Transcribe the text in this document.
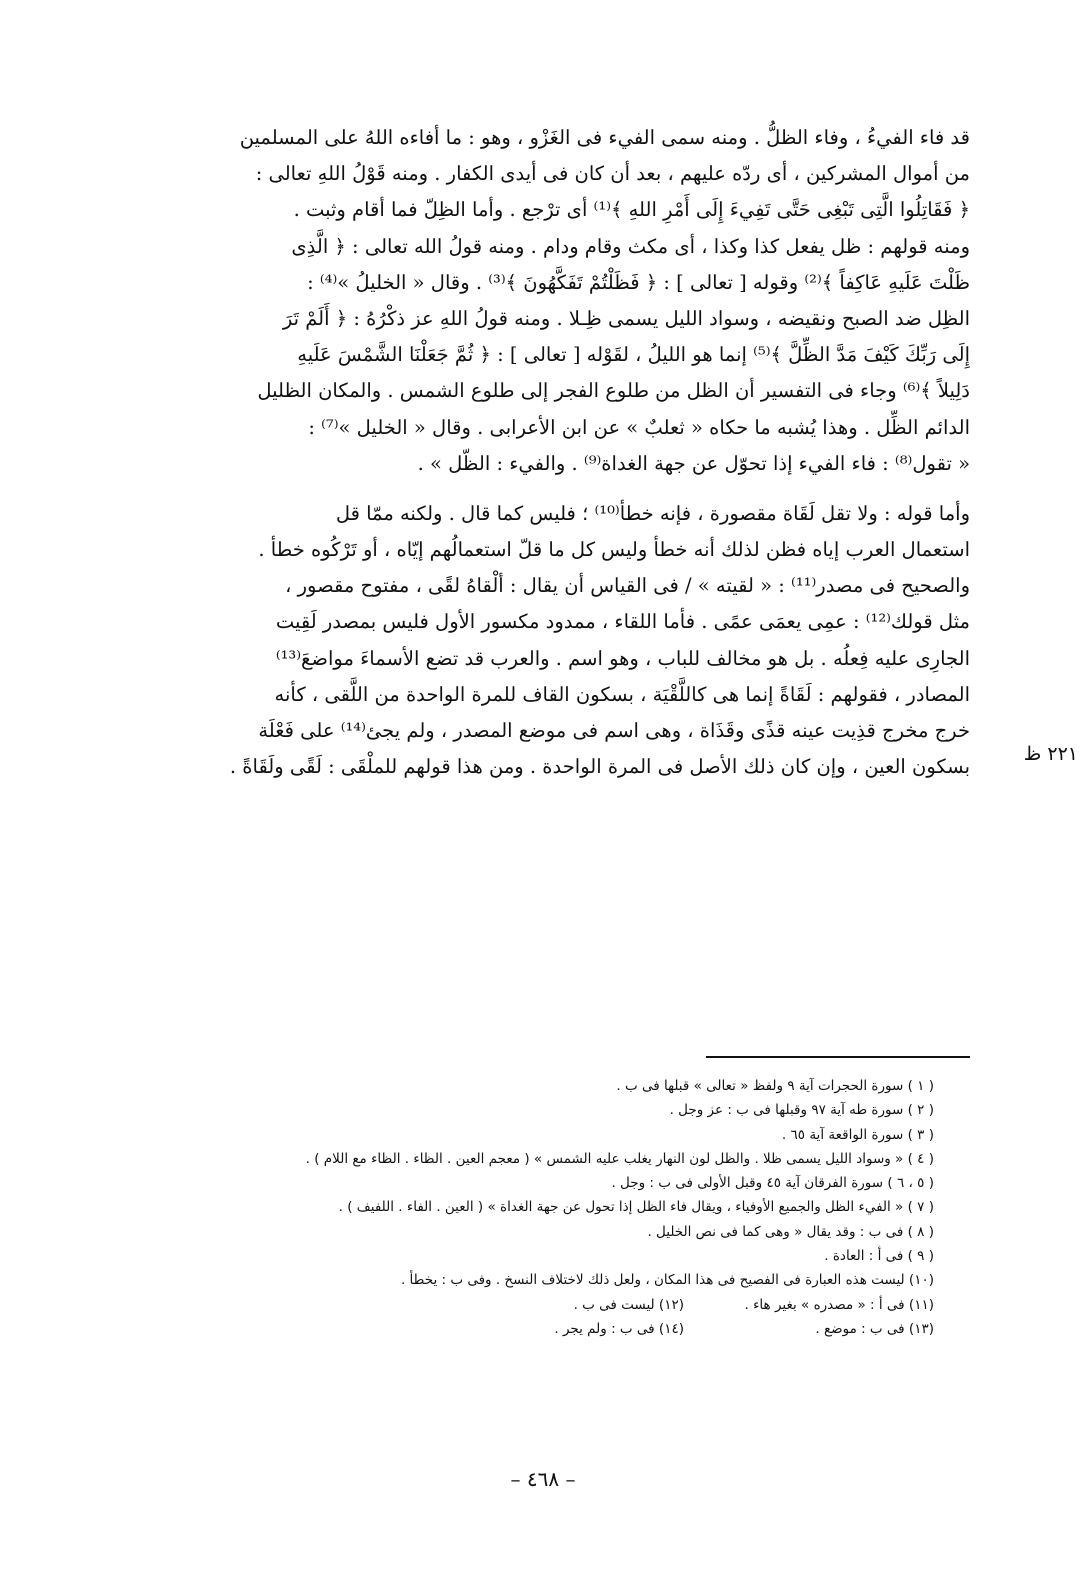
قد فاء الفيءُ ، وفاء الظلُّ . ومنه سمى الفيء فى الغَزْو ، وهو : ما أفاءه اللهُ على المسلمين
من أموال المشركين ، أى ردّه عليهم ، بعد أن كان فى أيدى الكفار . ومنه قَوْلُ اللهِ تعالى :
﴿ فَقَاتِلُوا الَّتِى تَبْغِى حَتَّى تَفِيءَ إِلَى أَمْرِ اللهِ ﴾⁽¹⁾ أى ترْجع . وأما الظِلّ فما أقام وثبت .
ومنه قولهم : ظل يفعل كذا وكذا ، أى مكث وقام ودام . ومنه قولُ الله تعالى : ﴿ الَّذِى
ظَلْتَ عَلَيهِ عَاكِفاً ﴾⁽²⁾ وقوله [ تعالى ] : ﴿ فَظَلْتُمْ تَفَكَّهُونَ ﴾⁽³⁾ . وقال « الخليلُ »⁽⁴⁾ :
الظِل ضد الصبح ونقيضه ، وسواد الليل يسمى ظِـلا . ومنه قولُ اللهِ عز ذكْرُهُ : ﴿ أَلَمْ تَرَ
إِلَى رَبِّكَ كَيْفَ مَدَّ الظِّلَّ ﴾⁽⁵⁾ إنما هو الليلُ ، لقَوْله [ تعالى ] : ﴿ ثُمَّ جَعَلْنَا الشَّمْسَ عَلَيهِ
دَلِيلاً ﴾⁽⁶⁾ وجاء فى التفسير أن الظل من طلوع الفجر إلى طلوع الشمس . والمكان الظليل
الدائم الظِّل . وهذا يُشبه ما حكاه « ثعلبٌ » عن ابن الأعرابى . وقال « الخليل »⁽⁷⁾ :
« تقول⁽⁸⁾ : فاء الفيء إذا تحوّل عن جهة الغداة⁽⁹⁾ . والفيء : الظّل » .
وأما قوله : ولا تقل لَقَاة مقصورة ، فإنه خطأ⁽¹⁰⁾ ؛ فليس كما قال . ولكنه ممّا قل
استعمال العرب إياه فظن لذلك أنه خطأ وليس كل ما قلّ استعمالُهم إيّاه ، أو تَرْكُوه خطأ .
والصحيح فى مصدر⁽¹¹⁾ : « لقيته » / فى القياس أن يقال : ألْقاهُ لقًى ، مفتوح مقصور ،
مثل قولك⁽¹²⁾ : عمِى يعمَى عمًى . فأما اللقاء ، ممدود مكسور الأول فليس بمصدر لَقِيت
الجارِى عليه فِعلُه . بل هو مخالف للباب ، وهو اسم . والعرب قد تضع الأسماءَ مواضعَ⁽¹³⁾
المصادر ، فقولهم : لَقَاةً إنما هى كاللَّقْيَة ، بسكون القاف للمرة الواحدة من اللَّقى ، كأنه
خرج مخرج قذِيت عينه قذًى وقَذَاة ، وهى اسم فى موضع المصدر ، ولم يجئ⁽¹⁴⁾ على فَعْلَة
بسكون العين ، وإن كان ذلك الأصل فى المرة الواحدة . ومن هذا قولهم للملْقَى : لَقًى ولَقَاةً .
٢٢١ ظ
( ١ ) سورة الحجرات آية ٩ ولفظ « تعالى » قبلها فى ب .
( ٢ ) سورة طه آية ٩٧ وقبلها فى ب : عز وجل .
( ٣ ) سورة الواقعة آية ٦٥ .
( ٤ ) « وسواد الليل يسمى ظلا . والظل لون النهار يغلب عليه الشمس » ( معجم العين . الظاء . الظاء مع اللام ) .
( ٥ ، ٦ ) سورة الفرقان آية ٤٥ وقبل الأولى فى ب : وجل .
( ٧ ) « الفيء الظل والجميع الأوفياء ، ويقال فاء الظل إذا تحول عن جهة الغداة » ( العين . الفاء . اللفيف ) .
( ٨ ) فى ب : وقد يقال « وهى كما فى نص الخليل .
( ٩ ) فى أ : العادة .
(١٠) ليست هذه العبارة فى الفصيح فى هذا المكان ، ولعل ذلك لاختلاف النسخ . وفى ب : يخطأ .
(١١) فى أ : « مصدره » بغير هاء .
(١٢) ليست فى ب .
(١٣) فى ب : موضع .
(١٤) فى ب : ولم يجر .
– ٤٦٨ –
